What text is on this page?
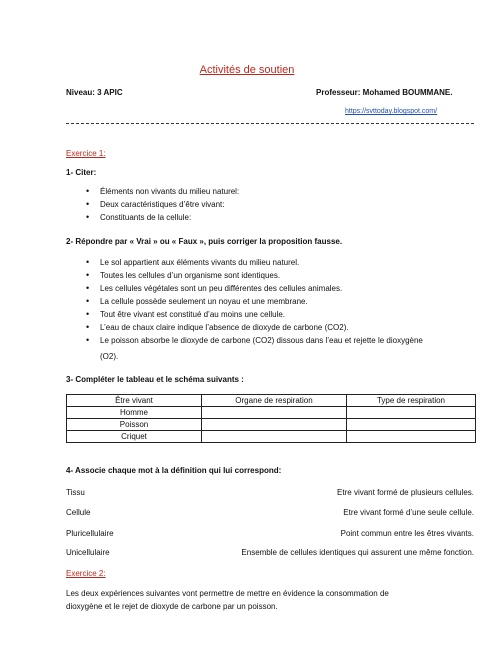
Activités de soutien
Niveau: 3 APIC	Professeur: Mohamed BOUMMANE.
https://svttoday.blogspot.com/
Exercice 1:
1- Citer:
• Éléments non vivants du milieu naturel:
• Deux caractéristiques d’être vivant:
• Constituants de la cellule:
2- Répondre par « Vrai » ou « Faux », puis corriger la proposition fausse.
• Le sol appartient aux éléments vivants du milieu naturel.
• Toutes les cellules d’un organisme sont identiques.
• Les cellules végétales sont un peu différentes des cellules animales.
• La cellule possède seulement un noyau et une membrane.
• Tout être vivant est constitué d’au moins une cellule.
• L’eau de chaux claire indique l’absence de dioxyde de carbone (CO2).
• Le poisson absorbe le dioxyde de carbone (CO2) dissous dans l’eau et rejette le dioxygène
(O2).
3- Compléter le tableau et le schéma suivants :
Être vivant	Organe de respiration	Type de respiration
Homme		
Poisson		
Criquet		
4- Associe chaque mot à la définition qui lui correspond:
Tissu	Etre vivant formé de plusieurs cellules.
Cellule	Etre vivant formé d’une seule cellule.
Pluricellulaire	Point commun entre les êtres vivants.
Unicellulaire	Ensemble de cellules identiques qui assurent une même fonction.
Exercice 2:
Les deux expériences suivantes vont permettre de mettre en évidence la consommation de
dioxygène et le rejet de dioxyde de carbone par un poisson.
